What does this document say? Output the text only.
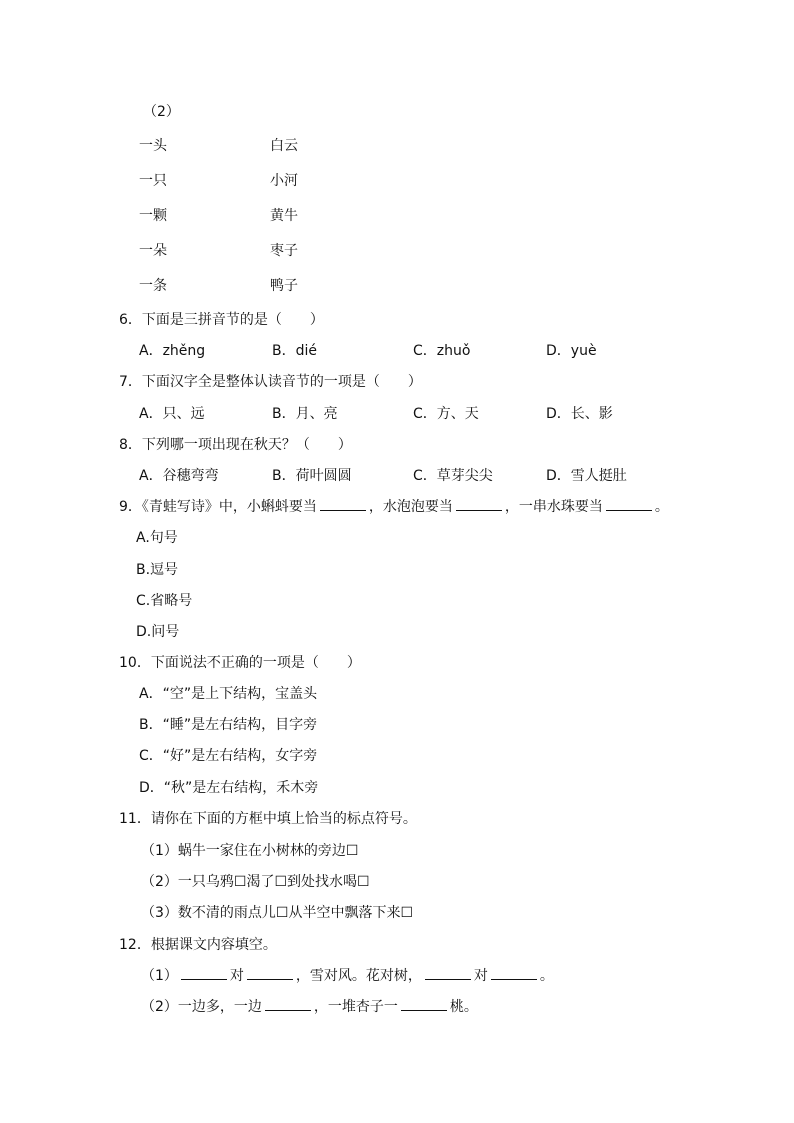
（2）
一头	白云
一只	小河
一颗	黄牛
一朵	枣子
一条	鸭子
6．下面是三拼音节的是（　　）
A．zhěng	B．dié	C．zhuǒ	D．yuè
7．下面汉字全是整体认读音节的一项是（　　）
A．只、远	B．月、亮	C．方、天	D．长、影
8．下列哪一项出现在秋天？（　　）
A．谷穗弯弯	B．荷叶圆圆	C．草芽尖尖	D．雪人挺肚
9．《青蛙写诗》中，小蝌蚪要当	，水泡泡要当	，一串水珠要当	。
A.句号
B.逗号
C.省略号
D.问号
10．下面说法不正确的一项是（　　）
A．“空”是上下结构，宝盖头
B．“睡”是左右结构，目字旁
C．“好”是左右结构，女字旁
D．“秋”是左右结构，禾木旁
11．请你在下面的方框中填上恰当的标点符号。
（1）蜗牛一家住在小树林的旁边☐
（2）一只乌鸦☐渴了☐到处找水喝☐
（3）数不清的雨点儿☐从半空中飘落下来☐
12．根据课文内容填空。
（1）	对	，雪对风。花对树，	对	。
（2）一边多，一边	，一堆杏子一	桃。
